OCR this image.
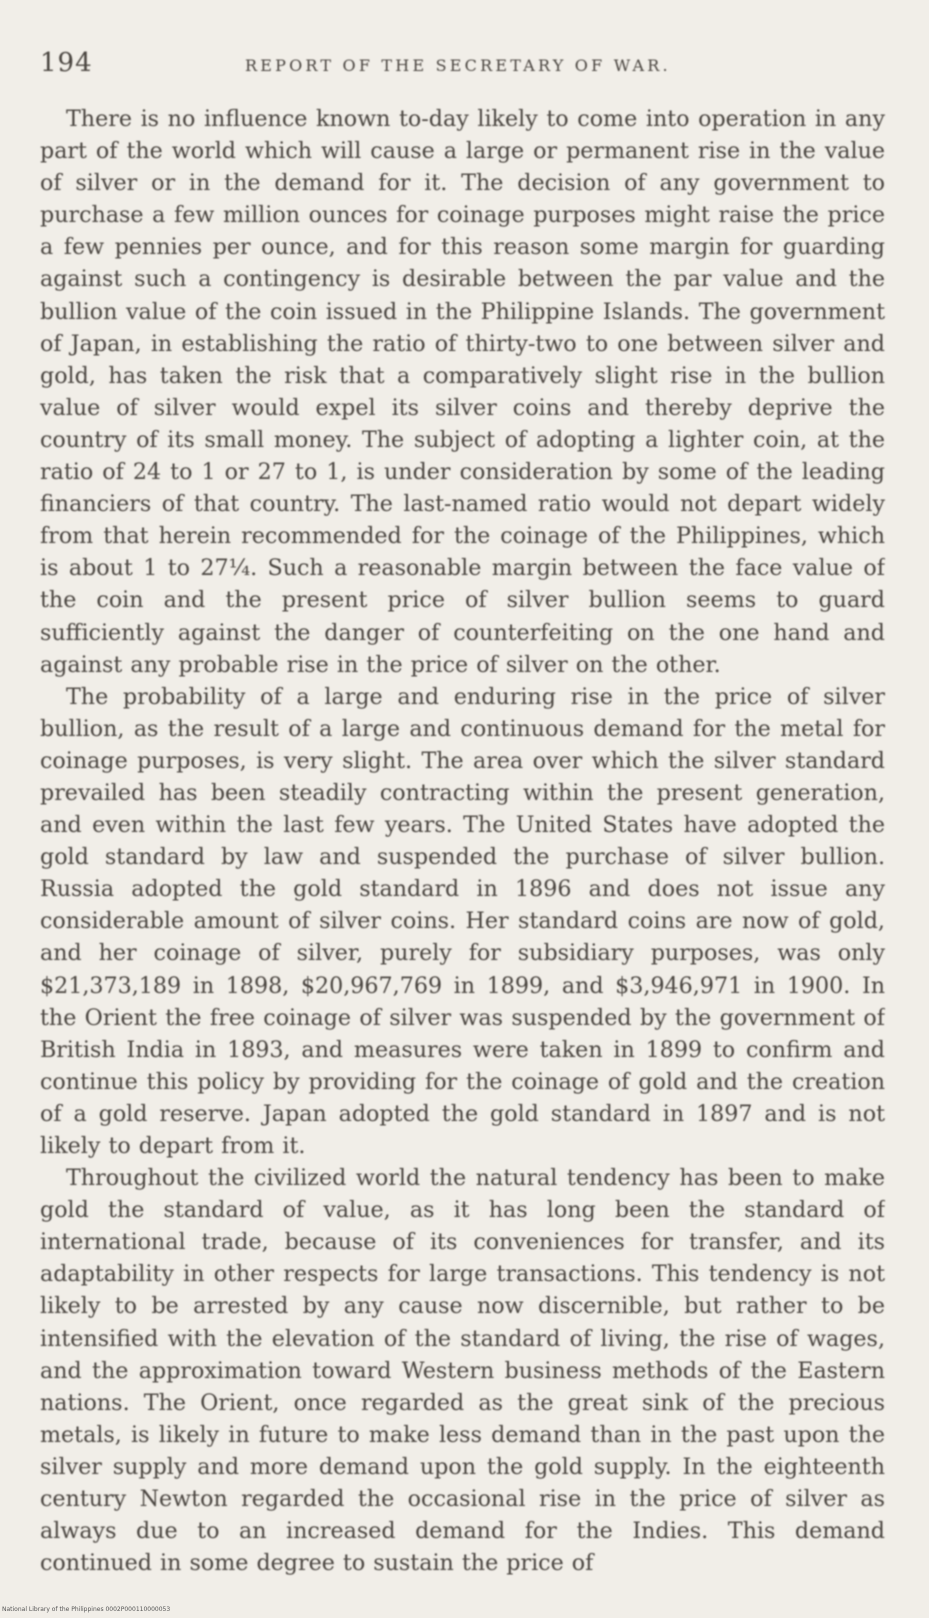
194	REPORT OF THE SECRETARY OF WAR.

There is no influence known to-day likely to come into operation in any part of the world which will cause a large or permanent rise in the value of silver or in the demand for it. The decision of any government to purchase a few million ounces for coinage purposes might raise the price a few pennies per ounce, and for this reason some margin for guarding against such a contingency is desirable between the par value and the bullion value of the coin issued in the Philippine Islands. The government of Japan, in establishing the ratio of thirty-two to one between silver and gold, has taken the risk that a comparatively slight rise in the bullion value of silver would expel its silver coins and thereby deprive the country of its small money. The subject of adopting a lighter coin, at the ratio of 24 to 1 or 27 to 1, is under consideration by some of the leading financiers of that country. The last-named ratio would not depart widely from that herein recommended for the coinage of the Philippines, which is about 1 to 27¼. Such a reasonable margin between the face value of the coin and the present price of silver bullion seems to guard sufficiently against the danger of counterfeiting on the one hand and against any probable rise in the price of silver on the other.

The probability of a large and enduring rise in the price of silver bullion, as the result of a large and continuous demand for the metal for coinage purposes, is very slight. The area over which the silver standard prevailed has been steadily contracting within the present generation, and even within the last few years. The United States have adopted the gold standard by law and suspended the purchase of silver bullion. Russia adopted the gold standard in 1896 and does not issue any considerable amount of silver coins. Her standard coins are now of gold, and her coinage of silver, purely for subsidiary purposes, was only $21,373,189 in 1898, $20,967,769 in 1899, and $3,946,971 in 1900. In the Orient the free coinage of silver was suspended by the government of British India in 1893, and measures were taken in 1899 to confirm and continue this policy by providing for the coinage of gold and the creation of a gold reserve. Japan adopted the gold standard in 1897 and is not likely to depart from it.

Throughout the civilized world the natural tendency has been to make gold the standard of value, as it has long been the standard of international trade, because of its conveniences for transfer, and its adaptability in other respects for large transactions. This tendency is not likely to be arrested by any cause now discernible, but rather to be intensified with the elevation of the standard of living, the rise of wages, and the approximation toward Western business methods of the Eastern nations. The Orient, once regarded as the great sink of the precious metals, is likely in future to make less demand than in the past upon the silver supply and more demand upon the gold supply. In the eighteenth century Newton regarded the occasional rise in the price of silver as always due to an increased demand for the Indies. This demand continued in some degree to sustain the price of

National Library of the Philippines 0002P000110000053
